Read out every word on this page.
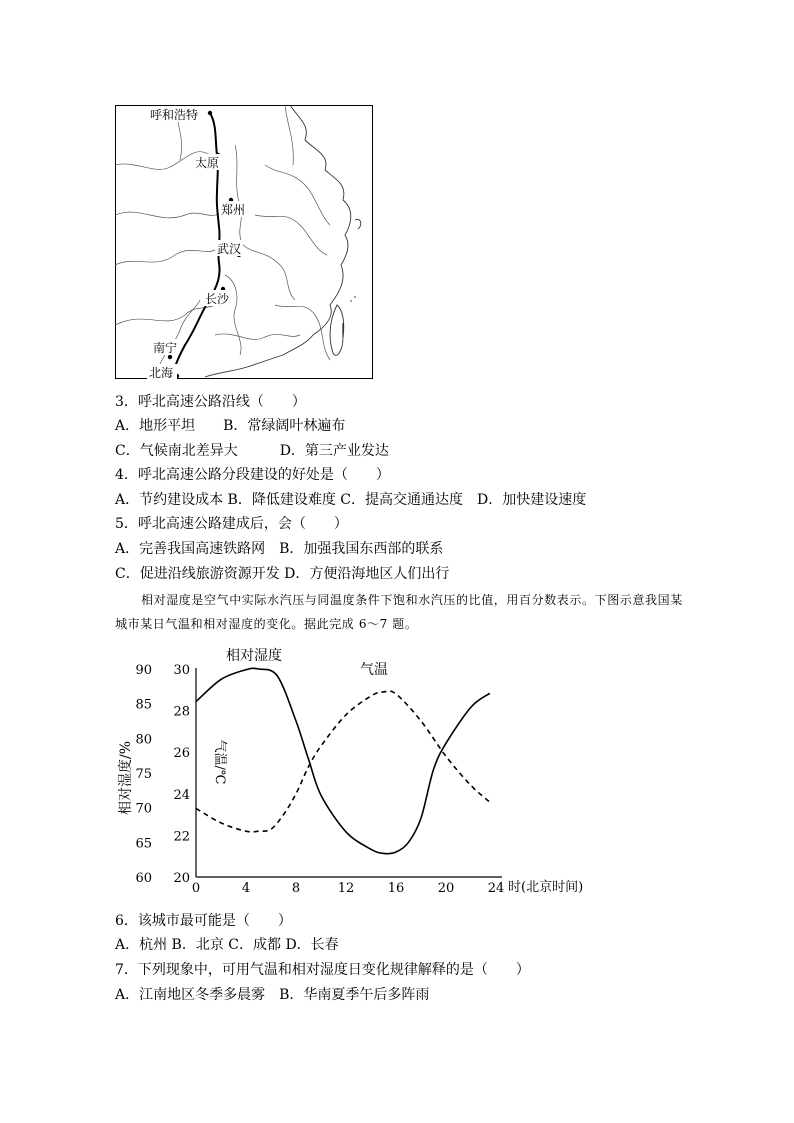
呼和浩特
太原
郑州
武汉
长沙
南宁
北海
3．呼北高速公路沿线（　　）
A．地形平坦　　B．常绿阔叶林遍布
C．气候南北差异大　　　D．第三产业发达
4．呼北高速公路分段建设的好处是（　　）
A．节约建设成本 B．降低建设难度 C．提高交通通达度　D．加快建设速度
5．呼北高速公路建成后，会（　　）
A．完善我国高速铁路网　B．加强我国东西部的联系
C．促进沿线旅游资源开发 D．方便沿海地区人们出行
相对湿度是空气中实际水汽压与同温度条件下饱和水汽压的比值，用百分数表示。下图示意我国某城市某日气温和相对湿度的变化。据此完成 6～7 题。
60
65
70
75
80
85
90
20
22
24
26
28
30
0	4	8	12	16	20	24
相对湿度/%	气温/℃
时(北京时间)
相对湿度
气温
6．该城市最可能是（　　）
A．杭州 B．北京 C．成都 D．长春
7．下列现象中，可用气温和相对湿度日变化规律解释的是（　　）
A．江南地区冬季多晨雾　B．华南夏季午后多阵雨
